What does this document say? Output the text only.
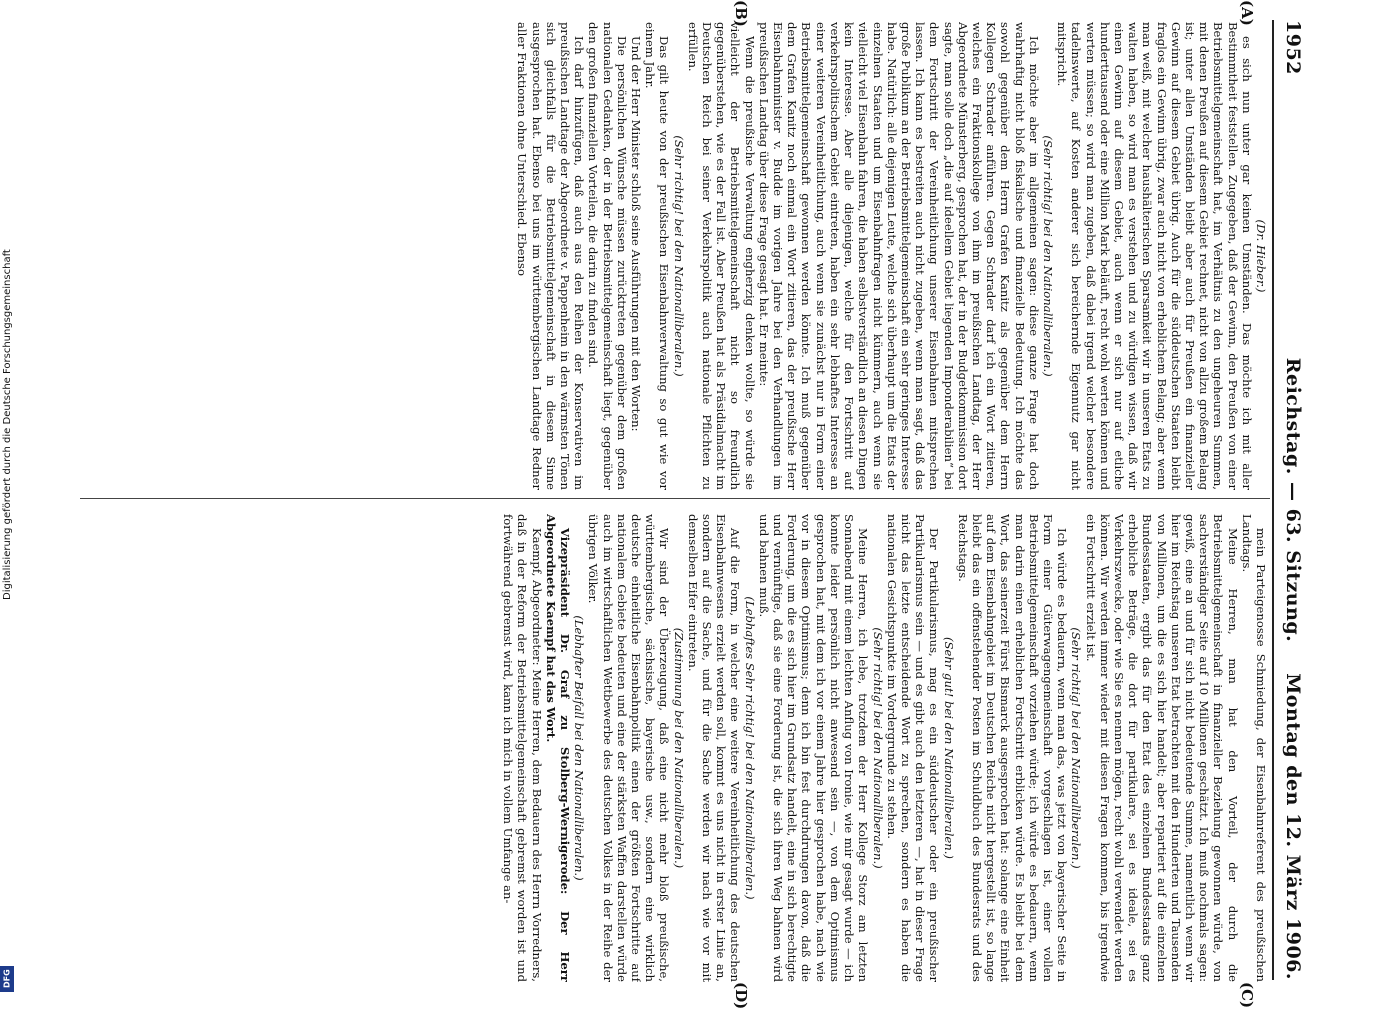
1952
Reichstag. — 63. Sitzung.
Montag den 12. März 1906.
(A)
(B)
(C)
(D)

(Dr. Hieber.)

es sich nun unter gar keinen Umständen. Das möchte ich mit aller Bestimmtheit feststellen. Zugegeben, daß der Gewinn, den Preußen von einer Betriebsmittelgemeinschaft hat, im Verhältnis zu den ungeheuren Summen, mit denen Preußen auf diesem Gebiet rechnet, nicht von allzu großem Belang ist; unter allen Umständen bleibt aber auch für Preußen ein finanzieller Gewinn auf diesem Gebiet übrig. Auch für die süddeutschen Staaten bleibt fraglos ein Gewinn übrig, zwar auch nicht von erheblichem Belang; aber wenn man weiß, mit welcher haushälterischen Sparsamkeit wir in unseren Etats zu walten haben, so wird man es verstehen und zu würdigen wissen, daß wir einen Gewinn auf diesem Gebiet, auch wenn er sich nur auf etliche hunderttausend oder eine Million Mark beläuft, recht wohl werten können und werten müssen; so wird man zugeben, daß dabei irgend welcher besondere tadelnswerte, auf Kosten anderer sich bereichernde Eigennutz gar nicht mitspricht.

(Sehr richtig! bei den Nationalliberalen.)

Ich möchte aber im allgemeinen sagen: diese ganze Frage hat doch wahrhaftig nicht bloß fiskalische und finanzielle Bedeutung. Ich möchte das sowohl gegenüber dem Herrn Grafen Kanitz als gegenüber dem Herrn Kollegen Schrader anführen. Gegen Schrader darf ich ein Wort zitieren, welches ein Fraktionskollege von ihm im preußischen Landtag, der Herr Abgeordnete Münsterberg, gesprochen hat, der in der Budgetkommission dort sagte, man solle doch „die auf ideellem Gebiet liegenden Imponderabilien“ bei dem Fortschritt der Vereinheitlichung unserer Eisenbahnen mitsprechen lassen. Ich kann es bestreiten auch nicht zugeben, wenn man sagt, daß das große Publikum an der Betriebsmittelgemeinschaft ein sehr geringes Interesse habe. Natürlich: alle diejenigen Leute, welche sich überhaupt um die Etats der einzelnen Staaten und um Eisenbahnfragen nicht kümmern, auch wenn sie vielleicht viel Eisenbahn fahren, die haben selbstverständlich an diesen Dingen kein Interesse. Aber alle diejenigen, welche für den Fortschritt auf verkehrspolitischem Gebiet eintreten, haben ein sehr lebhaftes Interesse an einer weiteren Vereinheitlichung, auch wenn sie zunächst nur in Form einer Betriebsmittelgemeinschaft gewonnen werden könnte. Ich muß gegenüber dem Grafen Kanitz noch einmal ein Wort zitieren, das der preußische Herr Eisenbahnminister v. Budde im vorigen Jahre bei den Verhandlungen im preußischen Landtag über diese Frage gesagt hat. Er meinte:

Wenn die preußische Verwaltung engherzig denken wollte, so würde sie vielleicht der Betriebsmittelgemeinschaft nicht so freundlich gegenüberstehen, wie es der Fall ist. Aber Preußen hat als Präsidialmacht im Deutschen Reich bei seiner Verkehrspolitik auch nationale Pflichten zu erfüllen.

(Sehr richtig! bei den Nationalliberalen.)

Das gilt heute von der preußischen Eisenbahnverwaltung so gut wie vor einem Jahr.

Und der Herr Minister schloß seine Ausführungen mit den Worten:

Die persönlichen Wünsche müssen zurücktreten gegenüber dem großen nationalen Gedanken, der in der Betriebsmittelgemeinschaft liegt, gegenüber den großen finanziellen Vorteilen, die darin zu finden sind.

Ich darf hinzufügen, daß auch aus den Reihen der Konservativen im preußischen Landtage der Abgeordnete v. Pappenheim in den wärmsten Tönen sich gleichfalls für die Betriebsmittelgemeinschaft in diesem Sinne ausgesprochen hat. Ebenso bei uns im württembergischen Landtage Redner aller Fraktionen ohne Unterschied. Ebenso

mein Parteigenosse Schmiedung, der Eisenbahnreferent des preußischen Landtags.

Meine Herren, man hat den Vorteil, der durch die Betriebsmittelgemeinschaft in finanzieller Beziehung gewonnen würde, von sachverständiger Seite auf 10 Millionen geschätzt. Ich muß nochmals sagen: gewiß, eine an und für sich nicht bedeutende Summe, namentlich wenn wir hier im Reichstag unseren Etat betrachten mit den Hunderten und Tausenden von Millionen, um die es sich hier handelt; aber repartiert auf die einzelnen Bundesstaaten, ergibt das für den Etat des einzelnen Bundesstaats ganz erhebliche Beträge, die dort für partikulare, sei es ideale, sei es Verkehrszwecke, oder wie Sie es nennen mögen, recht wohl verwendet werden können. Wir werden immer wieder mit diesen Fragen kommen, bis irgendwie ein Fortschritt erzielt ist.

(Sehr richtig! bei den Nationalliberalen.)

Ich würde es bedauern, wenn man das, was jetzt von bayerischer Seite in Form einer Güterwagengemeinschaft vorgeschlagen ist, einer vollen Betriebsmittelgemeinschaft vorziehen würde; ich würde es bedauern, wenn man darin einen erheblichen Fortschritt erblicken würde. Es bleibt bei dem Wort, das seinerzeit Fürst Bismarck ausgesprochen hat: solange eine Einheit auf dem Eisenbahngebiet im Deutschen Reiche nicht hergestellt ist, so lange bleibt das ein offenstehender Posten im Schuldbuch des Bundesrats und des Reichstags.

(Sehr gut! bei den Nationalliberalen.)

Der Partikularismus, mag es ein süddeutscher oder ein preußischer Partikularismus sein — und es gibt auch den letzteren —, hat in dieser Frage nicht das letzte entscheidende Wort zu sprechen, sondern es haben die nationalen Gesichtspunkte im Vordergrunde zu stehen.

(Sehr richtig! bei den Nationalliberalen.)

Meine Herren, ich lebe, trotzdem der Herr Kollege Storz am letzten Sonnabend mit einem leichten Anflug von Ironie, wie mir gesagt wurde — ich konnte leider persönlich nicht anwesend sein —, von dem Optimismus gesprochen hat, mit dem ich vor einem Jahre hier gesprochen habe, nach wie vor in diesem Optimismus; denn ich bin fest durchdrungen davon, daß die Forderung, um die es sich hier im Grundsatz handelt, eine in sich berechtigte und vernünftige, daß sie eine Forderung ist, die sich ihren Weg bahnen wird und bahnen muß.

(Lebhaftes Sehr richtig! bei den Nationalliberalen.)

Auf die Form, in welcher eine weitere Vereinheitlichung des deutschen Eisenbahnwesens erzielt werden soll, kommt es uns nicht in erster Linie an, sondern auf die Sache, und für die Sache werden wir nach wie vor mit demselben Eifer eintreten.

(Zustimmung bei den Nationalliberalen.)

Wir sind der Überzeugung, daß eine nicht mehr bloß preußische, württembergische, sächsische, bayerische usw., sondern eine wirklich deutsche einheitliche Eisenbahnpolitik einen der größten Fortschritte auf nationalem Gebiete bedeuten und eine der stärksten Waffen darstellen würde auch im wirtschaftlichen Wettbewerbe des deutschen Volkes in der Reihe der übrigen Völker.

(Lebhafter Beifall bei den Nationalliberalen.)

Vizepräsident Dr. Graf zu Stolberg-Wernigerode: Der Herr Abgeordnete Kaempf hat das Wort.

Kaempf, Abgeordneter: Meine Herren, dem Bedauern des Herrn Vorredners, daß in der Reform der Betriebsmittelgemeinschaft gebremst worden ist und fortwährend gebremst wird, kann ich mich in vollem Umfange an-

Digitalisierung gefördert durch die Deutsche Forschungsgemeinschaft
DFG
